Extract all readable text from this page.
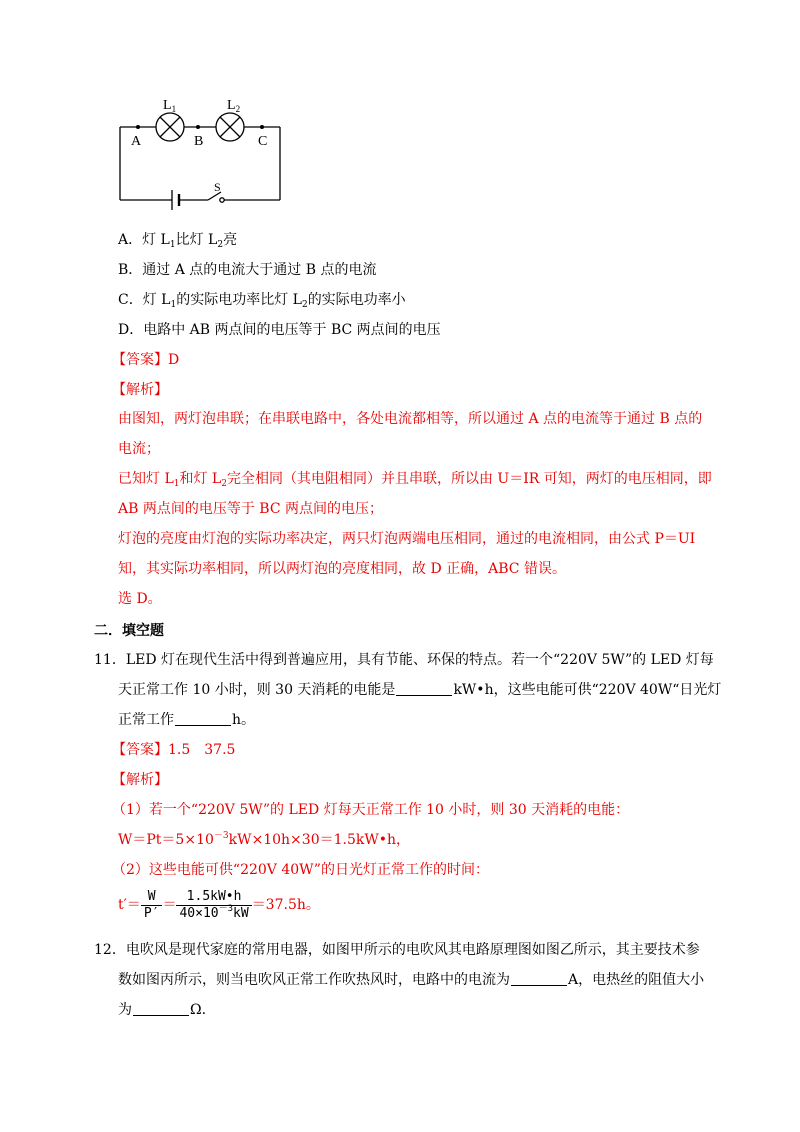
$L_1$	$L_2$
A	B	C
S
A．灯 $L_1$比灯 $L_2$亮
B．通过 A 点的电流大于通过 B 点的电流
C．灯 $L_1$的实际电功率比灯 $L_2$的实际电功率小
D．电路中 AB 两点间的电压等于 BC 两点间的电压
【答案】D
【解析】
由图知，两灯泡串联；在串联电路中，各处电流都相等，所以通过 A 点的电流等于通过 B 点的
电流；
已知灯 $L_1$和灯 $L_2$完全相同（其电阻相同）并且串联，所以由 U＝IR 可知，两灯的电压相同，即
AB 两点间的电压等于 BC 两点间的电压；
灯泡的亮度由灯泡的实际功率决定，两只灯泡两端电压相同，通过的电流相同，由公式 P＝UI
知，其实际功率相同，所以两灯泡的亮度相同，故 D 正确，ABC 错误。
选 D。
二．填空题
11．LED 灯在现代生活中得到普遍应用，具有节能、环保的特点。若一个“220V 5W”的 LED 灯每
天正常工作 10 小时，则 30 天消耗的电能是	kW•h，这些电能可供“220V 40W“日光灯
正常工作	h。
【答案】1.5　37.5
【解析】
（1）若一个“220V 5W”的 LED 灯每天正常工作 10 小时，则 30 天消耗的电能：
$W=Pt=5\times 10^{-3}kW\times 10h\times 30=1.5kW•h$，
（2）这些电能可供“220V 40W”的日光灯正常工作的时间：
$t'= \frac{W}{P'} = \frac{1.5kW•h}{40\times 10^{-3}kW} =37.5h$。
12．电吹风是现代家庭的常用电器，如图甲所示的电吹风其电路原理图如图乙所示，其主要技术参
数如图丙所示，则当电吹风正常工作吹热风时，电路中的电流为	A，电热丝的阻值大小
为	Ω.
